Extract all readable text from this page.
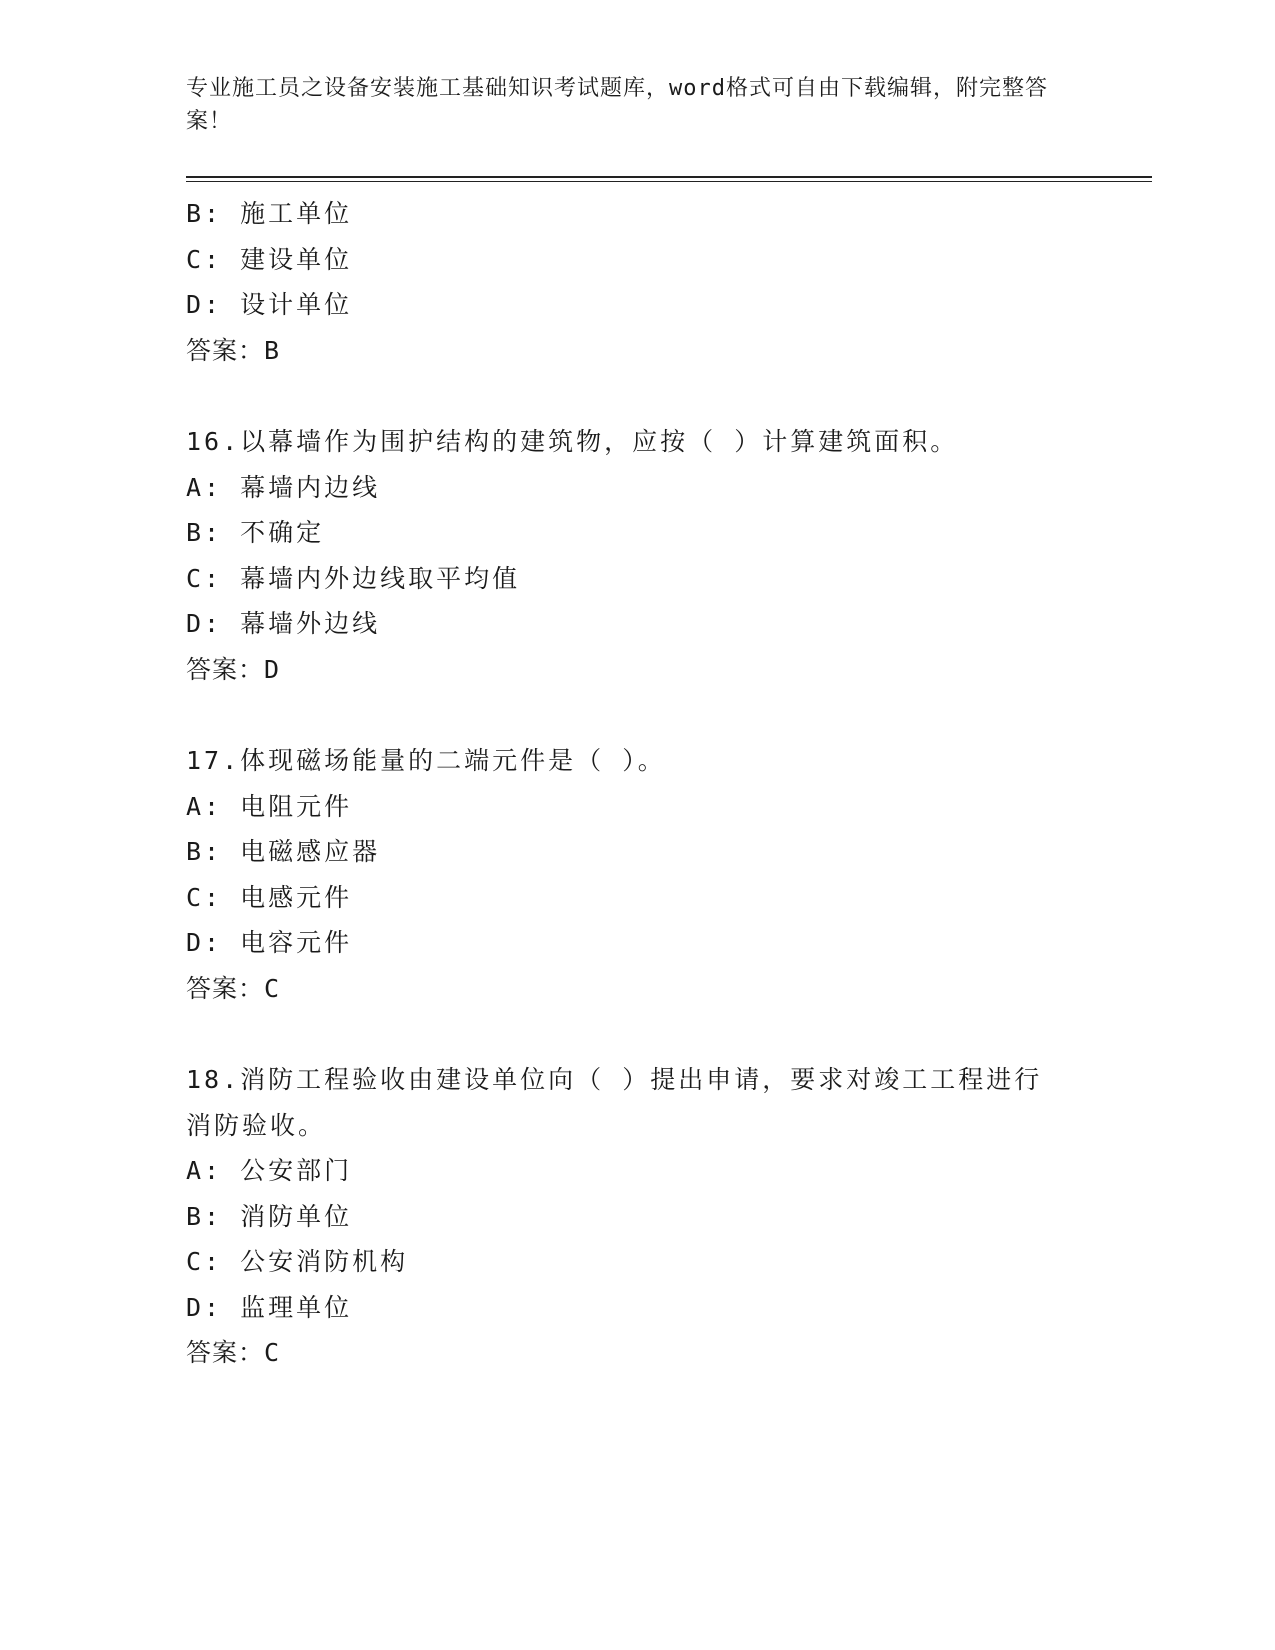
专业施工员之设备安装施工基础知识考试题库，word格式可自由下载编辑，附完整答案！
B: 施工单位
C: 建设单位
D: 设计单位
答案：B
16.以幕墙作为围护结构的建筑物，应按（ ）计算建筑面积。
A: 幕墙内边线
B: 不确定
C: 幕墙内外边线取平均值
D: 幕墙外边线
答案：D
17.体现磁场能量的二端元件是（ ）。
A: 电阻元件
B: 电磁感应器
C: 电感元件
D: 电容元件
答案：C
18.消防工程验收由建设单位向（ ）提出申请，要求对竣工工程进行消防验收。
A: 公安部门
B: 消防单位
C: 公安消防机构
D: 监理单位
答案：C
